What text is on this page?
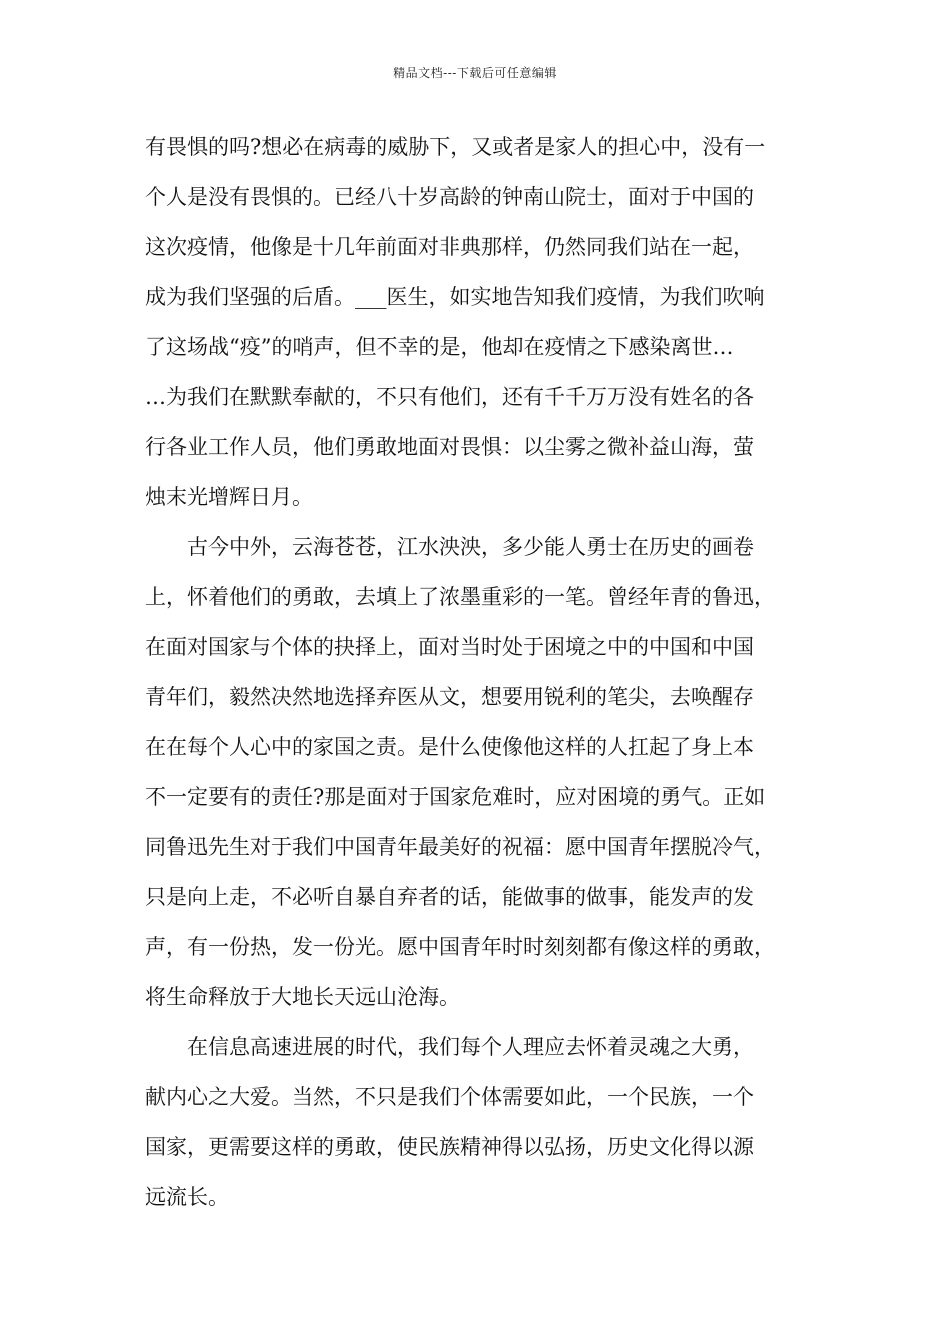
精品文档---下载后可任意编辑

有畏惧的吗?想必在病毒的威胁下，又或者是家人的担心中，没有一
个人是没有畏惧的。已经八十岁高龄的钟南山院士，面对于中国的
这次疫情，他像是十几年前面对非典那样，仍然同我们站在一起，
成为我们坚强的后盾。___医生，如实地告知我们疫情，为我们吹响
了这场战“疫”的哨声，但不幸的是，他却在疫情之下感染离世…
…为我们在默默奉献的，不只有他们，还有千千万万没有姓名的各
行各业工作人员，他们勇敢地面对畏惧：以尘雾之微补益山海，萤
烛末光增辉日月。

古今中外，云海苍苍，江水泱泱，多少能人勇士在历史的画卷
上，怀着他们的勇敢，去填上了浓墨重彩的一笔。曾经年青的鲁迅，
在面对国家与个体的抉择上，面对当时处于困境之中的中国和中国
青年们，毅然决然地选择弃医从文，想要用锐利的笔尖，去唤醒存
在在每个人心中的家国之责。是什么使像他这样的人扛起了身上本
不一定要有的责任?那是面对于国家危难时，应对困境的勇气。正如
同鲁迅先生对于我们中国青年最美好的祝福：愿中国青年摆脱冷气，
只是向上走，不必听自暴自弃者的话，能做事的做事，能发声的发
声，有一份热，发一份光。愿中国青年时时刻刻都有像这样的勇敢，
将生命释放于大地长天远山沧海。

在信息高速进展的时代，我们每个人理应去怀着灵魂之大勇，
献内心之大爱。当然，不只是我们个体需要如此，一个民族，一个
国家，更需要这样的勇敢，使民族精神得以弘扬，历史文化得以源
远流长。
